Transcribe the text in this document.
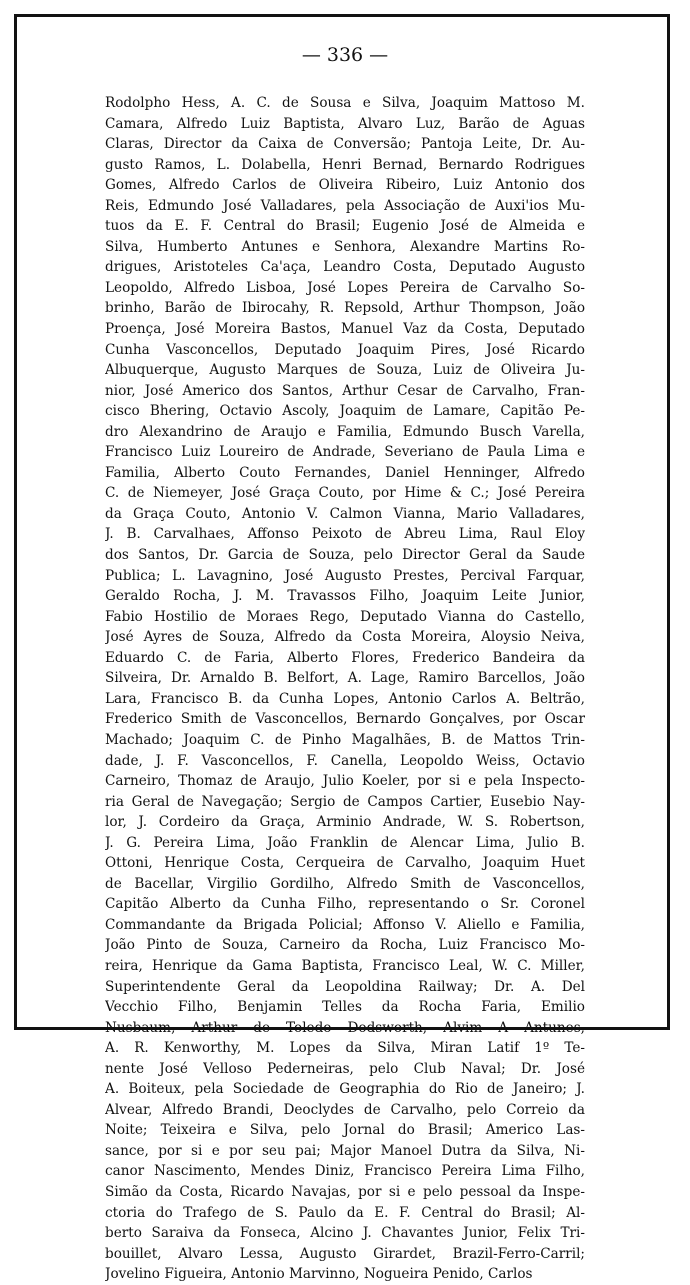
— 336 —
Rodolpho Hess, A. C. de Sousa e Silva, Joaquim Mattoso M.
Camara, Alfredo Luiz Baptista, Alvaro Luz, Barão de Aguas
Claras, Director da Caixa de Conversão; Pantoja Leite, Dr. Au-
gusto Ramos, L. Dolabella, Henri Bernad, Bernardo Rodrigues
Gomes, Alfredo Carlos de Oliveira Ribeiro, Luiz Antonio dos
Reis, Edmundo José Valladares, pela Associação de Auxi'ios Mu-
tuos da E. F. Central do Brasil; Eugenio José de Almeida e
Silva, Humberto Antunes e Senhora, Alexandre Martins Ro-
drigues, Aristoteles Ca'aça, Leandro Costa, Deputado Augusto
Leopoldo, Alfredo Lisboa, José Lopes Pereira de Carvalho So-
brinho, Barão de Ibirocahy, R. Repsold, Arthur Thompson, João
Proença, José Moreira Bastos, Manuel Vaz da Costa, Deputado
Cunha Vasconcellos, Deputado Joaquim Pires, José Ricardo
Albuquerque, Augusto Marques de Souza, Luiz de Oliveira Ju-
nior, José Americo dos Santos, Arthur Cesar de Carvalho, Fran-
cisco Bhering, Octavio Ascoly, Joaquim de Lamare, Capitão Pe-
dro Alexandrino de Araujo e Familia, Edmundo Busch Varella,
Francisco Luiz Loureiro de Andrade, Severiano de Paula Lima e
Familia, Alberto Couto Fernandes, Daniel Henninger, Alfredo
C. de Niemeyer, José Graça Couto, por Hime & C.; José Pereira
da Graça Couto, Antonio V. Calmon Vianna, Mario Valladares,
J. B. Carvalhaes, Affonso Peixoto de Abreu Lima, Raul Eloy
dos Santos, Dr. Garcia de Souza, pelo Director Geral da Saude
Publica; L. Lavagnino, José Augusto Prestes, Percival Farquar,
Geraldo Rocha, J. M. Travassos Filho, Joaquim Leite Junior,
Fabio Hostilio de Moraes Rego, Deputado Vianna do Castello,
José Ayres de Souza, Alfredo da Costa Moreira, Aloysio Neiva,
Eduardo C. de Faria, Alberto Flores, Frederico Bandeira da
Silveira, Dr. Arnaldo B. Belfort, A. Lage, Ramiro Barcellos, João
Lara, Francisco B. da Cunha Lopes, Antonio Carlos A. Beltrão,
Frederico Smith de Vasconcellos, Bernardo Gonçalves, por Oscar
Machado; Joaquim C. de Pinho Magalhães, B. de Mattos Trin-
dade, J. F. Vasconcellos, F. Canella, Leopoldo Weiss, Octavio
Carneiro, Thomaz de Araujo, Julio Koeler, por si e pela Inspecto-
ria Geral de Navegação; Sergio de Campos Cartier, Eusebio Nay-
lor, J. Cordeiro da Graça, Arminio Andrade, W. S. Robertson,
J. G. Pereira Lima, João Franklin de Alencar Lima, Julio B.
Ottoni, Henrique Costa, Cerqueira de Carvalho, Joaquim Huet
de Bacellar, Virgilio Gordilho, Alfredo Smith de Vasconcellos,
Capitão Alberto da Cunha Filho, representando o Sr. Coronel
Commandante da Brigada Policial; Affonso V. Aliello e Familia,
João Pinto de Souza, Carneiro da Rocha, Luiz Francisco Mo-
reira, Henrique da Gama Baptista, Francisco Leal, W. C. Miller,
Superintendente Geral da Leopoldina Railway; Dr. A. Del
Vecchio Filho, Benjamin Telles da Rocha Faria, Emilio
Nusbaum, Arthur de Toledo Dodsworth, Alvim A Antunes,
A. R. Kenworthy, M. Lopes da Silva, Miran Latif 1º Te-
nente José Velloso Pederneiras, pelo Club Naval; Dr. José
A. Boiteux, pela Sociedade de Geographia do Rio de Janeiro; J.
Alvear, Alfredo Brandi, Deoclydes de Carvalho, pelo Correio da
Noite; Teixeira e Silva, pelo Jornal do Brasil; Americo Las-
sance, por si e por seu pai; Major Manoel Dutra da Silva, Ni-
canor Nascimento, Mendes Diniz, Francisco Pereira Lima Filho,
Simão da Costa, Ricardo Navajas, por si e pelo pessoal da Inspe-
ctoria do Trafego de S. Paulo da E. F. Central do Brasil; Al-
berto Saraiva da Fonseca, Alcino J. Chavantes Junior, Felix Tri-
bouillet, Alvaro Lessa, Augusto Girardet, Brazil-Ferro-Carril;
Jovelino Figueira, Antonio Marvinno, Nogueira Penido, Carlos
